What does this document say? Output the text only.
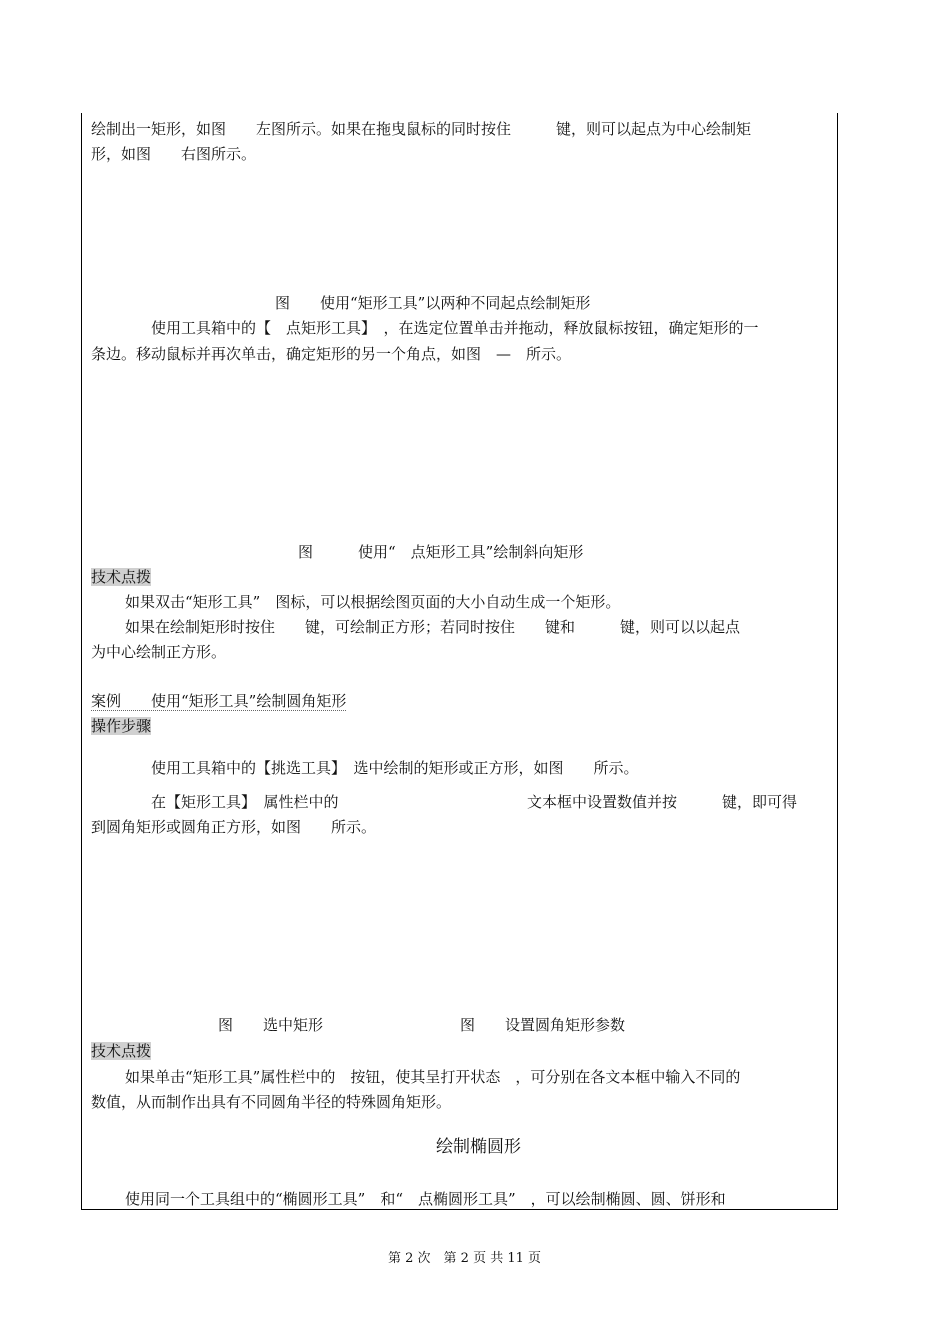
绘制出一矩形，如图　　左图所示。如果在拖曳鼠标的同时按住　　　键，则可以起点为中心绘制矩
形，如图　　右图所示。
图　　使用“矩形工具”以两种不同起点绘制矩形
使用工具箱中的【　点矩形工具】　，在选定位置单击并拖动，释放鼠标按钮，确定矩形的一
条边。移动鼠标并再次单击，确定矩形的另一个角点，如图　—　所示。
图　　　使用“　点矩形工具”绘制斜向矩形
技术点拨
如果双击“矩形工具”　图标，可以根据绘图页面的大小自动生成一个矩形。
如果在绘制矩形时按住　　键，可绘制正方形；若同时按住　　键和　　　键，则可以以起点
为中心绘制正方形。
案例　　使用“矩形工具”绘制圆角矩形
操作步骤
使用工具箱中的【挑选工具】　选中绘制的矩形或正方形，如图　　所示。
在【矩形工具】　属性栏中的	文本框中设置数值并按　　　键，即可得
到圆角矩形或圆角正方形，如图　　所示。
图　　选中矩形	图　　设置圆角矩形参数
技术点拨
如果单击“矩形工具”属性栏中的　按钮，使其呈打开状态　，可分别在各文本框中输入不同的
数值，从而制作出具有不同圆角半径的特殊圆角矩形。
绘制椭圆形
使用同一个工具组中的“椭圆形工具”　和“　点椭圆形工具”　，可以绘制椭圆、圆、饼形和
第 2 次　第 2 页 共 11 页
